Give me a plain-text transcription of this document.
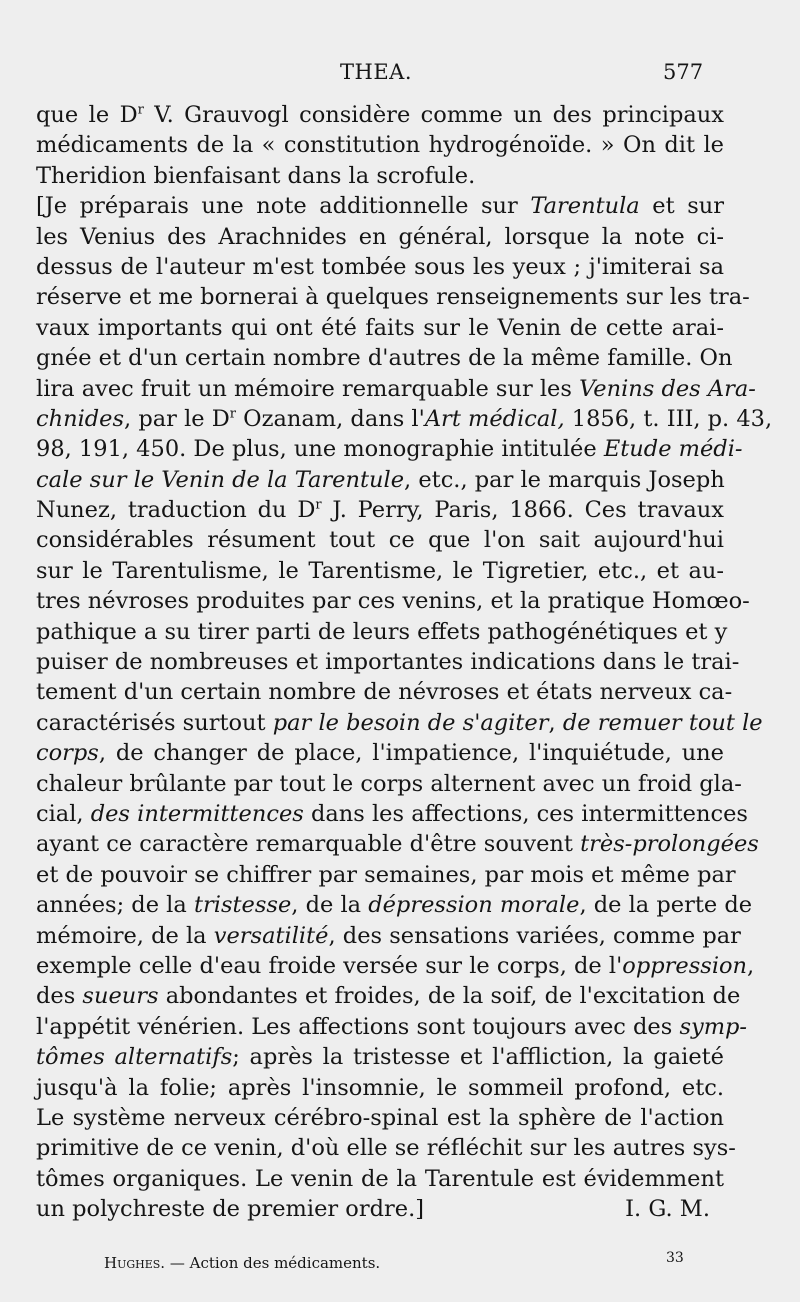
THEA.	577
que le $D^r$ V. Grauvogl considère comme un des principaux
médicaments de la « constitution hydrogénoïde. » On dit le
Theridion bienfaisant dans la scrofule.
[Je préparais une note additionnelle sur Tarentula et sur
les Venius des Arachnides en général, lorsque la note ci-
dessus de l'auteur m'est tombée sous les yeux ; j'imiterai sa
réserve et me bornerai à quelques renseignements sur les tra-
vaux importants qui ont été faits sur le Venin de cette arai-
gnée et d'un certain nombre d'autres de la même famille. On
lira avec fruit un mémoire remarquable sur les Venins des Ara-
chnides, par le $D^r$ Ozanam, dans l'Art médical, 1856, t. III, p. 43,
98, 191, 450. De plus, une monographie intitulée Etude médi-
cale sur le Venin de la Tarentule, etc., par le marquis Joseph
Nunez, traduction du $D^r$ J. Perry, Paris, 1866. Ces travaux
considérables résument tout ce que l'on sait aujourd'hui
sur le Tarentulisme, le Tarentisme, le Tigretier, etc., et au-
tres névroses produites par ces venins, et la pratique Homœo-
pathique a su tirer parti de leurs effets pathogénétiques et y
puiser de nombreuses et importantes indications dans le trai-
tement d'un certain nombre de névroses et états nerveux ca-
caractérisés surtout par le besoin de s'agiter, de remuer tout le
corps, de changer de place, l'impatience, l'inquiétude, une
chaleur brûlante par tout le corps alternent avec un froid gla-
cial, des intermittences dans les affections, ces intermittences
ayant ce caractère remarquable d'être souvent très-prolongées
et de pouvoir se chiffrer par semaines, par mois et même par
années; de la tristesse, de la dépression morale, de la perte de
mémoire, de la versatilité, des sensations variées, comme par
exemple celle d'eau froide versée sur le corps, de l'oppression,
des sueurs abondantes et froides, de la soif, de l'excitation de
l'appétit vénérien. Les affections sont toujours avec des symp-
tômes alternatifs; après la tristesse et l'affliction, la gaieté
jusqu'à la folie; après l'insomnie, le sommeil profond, etc.
Le système nerveux cérébro-spinal est la sphère de l'action
primitive de ce venin, d'où elle se réfléchit sur les autres sys-
tômes organiques. Le venin de la Tarentule est évidemment
un polychreste de premier ordre.]	I. G. M.
Hughes. — Action des médicaments.	33
